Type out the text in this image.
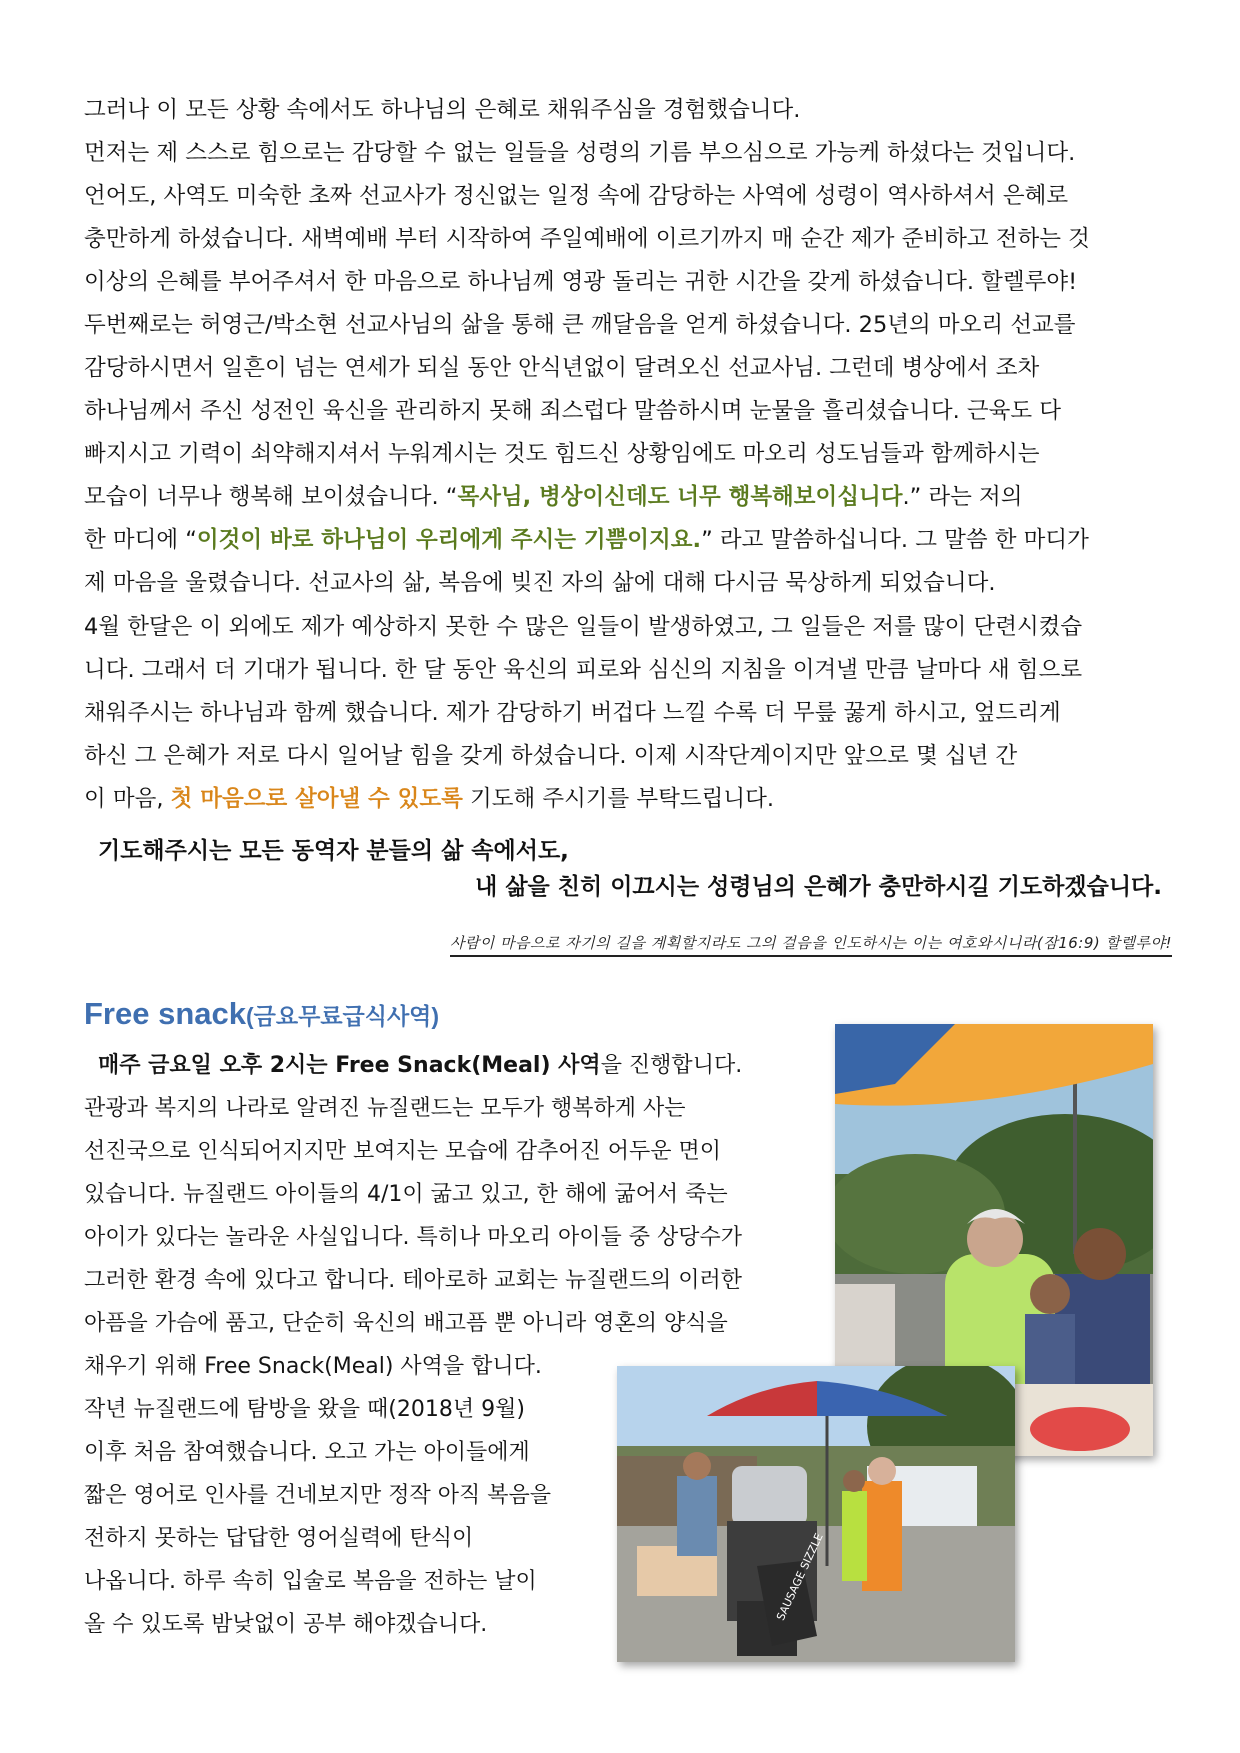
그러나 이 모든 상황 속에서도 하나님의 은혜로 채워주심을 경험했습니다.
먼저는 제 스스로 힘으로는 감당할 수 없는 일들을 성령의 기름 부으심으로 가능케 하셨다는 것입니다.
언어도, 사역도 미숙한 초짜 선교사가 정신없는 일정 속에 감당하는 사역에 성령이 역사하셔서 은혜로
충만하게 하셨습니다. 새벽예배 부터 시작하여 주일예배에 이르기까지 매 순간 제가 준비하고 전하는 것
이상의 은혜를 부어주셔서 한 마음으로 하나님께 영광 돌리는 귀한 시간을 갖게 하셨습니다. 할렐루야!
두번째로는 허영근/박소현 선교사님의 삶을 통해 큰 깨달음을 얻게 하셨습니다. 25년의 마오리 선교를
감당하시면서 일흔이 넘는 연세가 되실 동안 안식년없이 달려오신 선교사님. 그런데 병상에서 조차
하나님께서 주신 성전인 육신을 관리하지 못해 죄스럽다 말씀하시며 눈물을 흘리셨습니다. 근육도 다
빠지시고 기력이 쇠약해지셔서 누워계시는 것도 힘드신 상황임에도 마오리 성도님들과 함께하시는
모습이 너무나 행복해 보이셨습니다. “목사님, 병상이신데도 너무 행복해보이십니다.” 라는 저의
한 마디에 “이것이 바로 하나님이 우리에게 주시는 기쁨이지요.” 라고 말씀하십니다. 그 말씀 한 마디가
제 마음을 울렸습니다. 선교사의 삶, 복음에 빚진 자의 삶에 대해 다시금 묵상하게 되었습니다.
4월 한달은 이 외에도 제가 예상하지 못한 수 많은 일들이 발생하였고, 그 일들은 저를 많이 단련시켰습
니다. 그래서 더 기대가 됩니다. 한 달 동안 육신의 피로와 심신의 지침을 이겨낼 만큼 날마다 새 힘으로
채워주시는 하나님과 함께 했습니다. 제가 감당하기 버겁다 느낄 수록 더 무릎 꿇게 하시고, 엎드리게
하신 그 은혜가 저로 다시 일어날 힘을 갖게 하셨습니다. 이제 시작단계이지만 앞으로 몇 십년 간
이 마음, 첫 마음으로 살아낼 수 있도록 기도해 주시기를 부탁드립니다.
기도해주시는 모든 동역자 분들의 삶 속에서도,
내 삶을 친히 이끄시는 성령님의 은혜가 충만하시길 기도하겠습니다.
사람이 마음으로 자기의 길을 계획할지라도 그의 걸음을 인도하시는 이는 여호와시니라(잠16:9) 할렐루야!
Free snack(금요무료급식사역)
매주 금요일 오후 2시는 Free Snack(Meal) 사역을 진행합니다.
관광과 복지의 나라로 알려진 뉴질랜드는 모두가 행복하게 사는
선진국으로 인식되어지지만 보여지는 모습에 감추어진 어두운 면이
있습니다. 뉴질랜드 아이들의 4/1이 굶고 있고, 한 해에 굶어서 죽는
아이가 있다는 놀라운 사실입니다. 특히나 마오리 아이들 중 상당수가
그러한 환경 속에 있다고 합니다. 테아로하 교회는 뉴질랜드의 이러한
아픔을 가슴에 품고, 단순히 육신의 배고픔 뿐 아니라 영혼의 양식을
채우기 위해 Free Snack(Meal) 사역을 합니다.
작년 뉴질랜드에 탐방을 왔을 때(2018년 9월)
이후 처음 참여했습니다. 오고 가는 아이들에게
짧은 영어로 인사를 건네보지만 정작 아직 복음을
전하지 못하는 답답한 영어실력에 탄식이
나옵니다. 하루 속히 입술로 복음을 전하는 날이
올 수 있도록 밤낮없이 공부 해야겠습니다.
SAUSAGE SIZZLE
